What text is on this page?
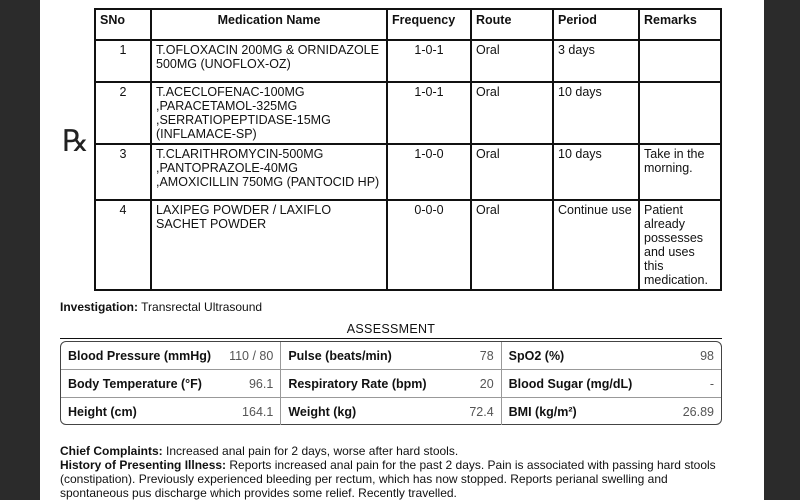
℞
SNo	Medication Name	Frequency	Route	Period	Remarks
1	T.OFLOXACIN 200MG & ORNIDAZOLE 500MG (UNOFLOX-OZ)	1-0-1	Oral	3 days	
2	T.ACECLOFENAC-100MG ,PARACETAMOL-325MG ,SERRATIOPEPTIDASE-15MG (INFLAMACE-SP)	1-0-1	Oral	10 days	
3	T.CLARITHROMYCIN-500MG ,PANTOPRAZOLE-40MG ,AMOXICILLIN 750MG (PANTOCID HP)	1-0-0	Oral	10 days	Take in the morning.
4	LAXIPEG POWDER / LAXIFLO SACHET POWDER	0-0-0	Oral	Continue use	Patient already possesses and uses this medication.
Investigation: Transrectal Ultrasound
ASSESSMENT
Blood Pressure (mmHg) 110 / 80 Pulse (beats/min)	78 SpO2 (%)	98
Body Temperature (°F)	96.1 Respiratory Rate (bpm)	20 Blood Sugar (mg/dL)	-
Height (cm)	164.1 Weight (kg)	72.4 BMI (kg/m²)	26.89
Chief Complaints: Increased anal pain for 2 days, worse after hard stools.
History of Presenting Illness: Reports increased anal pain for the past 2 days. Pain is associated with passing hard stools (constipation). Previously experienced bleeding per rectum, which has now stopped. Reports perianal swelling and spontaneous pus discharge which provides some relief. Recently travelled.
